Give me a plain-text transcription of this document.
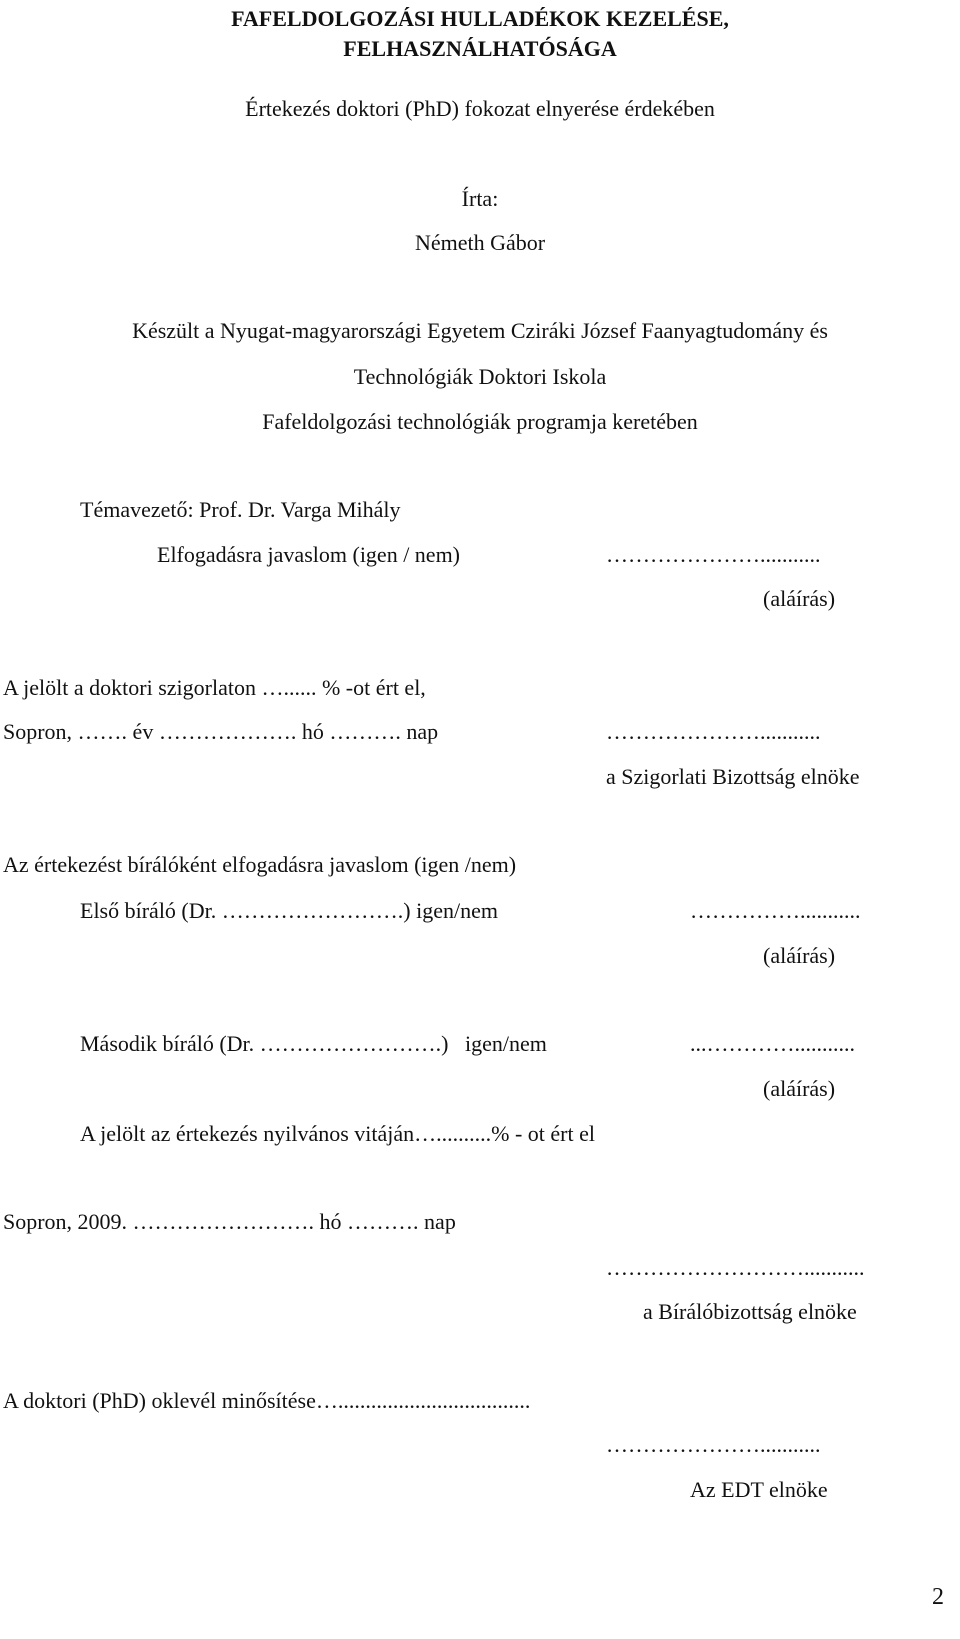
FAFELDOLGOZÁSI HULLADÉKOK KEZELÉSE,
FELHASZNÁLHATÓSÁGA
Értekezés doktori (PhD) fokozat elnyerése érdekében
Írta:
Németh Gábor
Készült a Nyugat-magyarországi Egyetem Cziráki József Faanyagtudomány és
Technológiák Doktori Iskola
Fafeldolgozási technológiák programja keretében
Témavezető: Prof. Dr. Varga Mihály
Elfogadásra javaslom (igen / nem)	…………………...........
(aláírás)
A jelölt a doktori szigorlaton …...... % -ot ért el,
Sopron, ……. év ………………. hó ………. nap	…………………...........
a Szigorlati Bizottság elnöke
Az értekezést bírálóként elfogadásra javaslom (igen /nem)
Első bíráló (Dr. …………………….) igen/nem	……………...........
(aláírás)
Második bíráló (Dr. …………………….)   igen/nem	...…………...........
(aláírás)
A jelölt az értekezés nyilvános vitáján…..........% - ot ért el
Sopron, 2009. ……………………. hó ………. nap
………………………...........
a Bírálóbizottság elnöke
A doktori (PhD) oklevél minősítése…...................................
…………………...........
Az EDT elnöke
2
